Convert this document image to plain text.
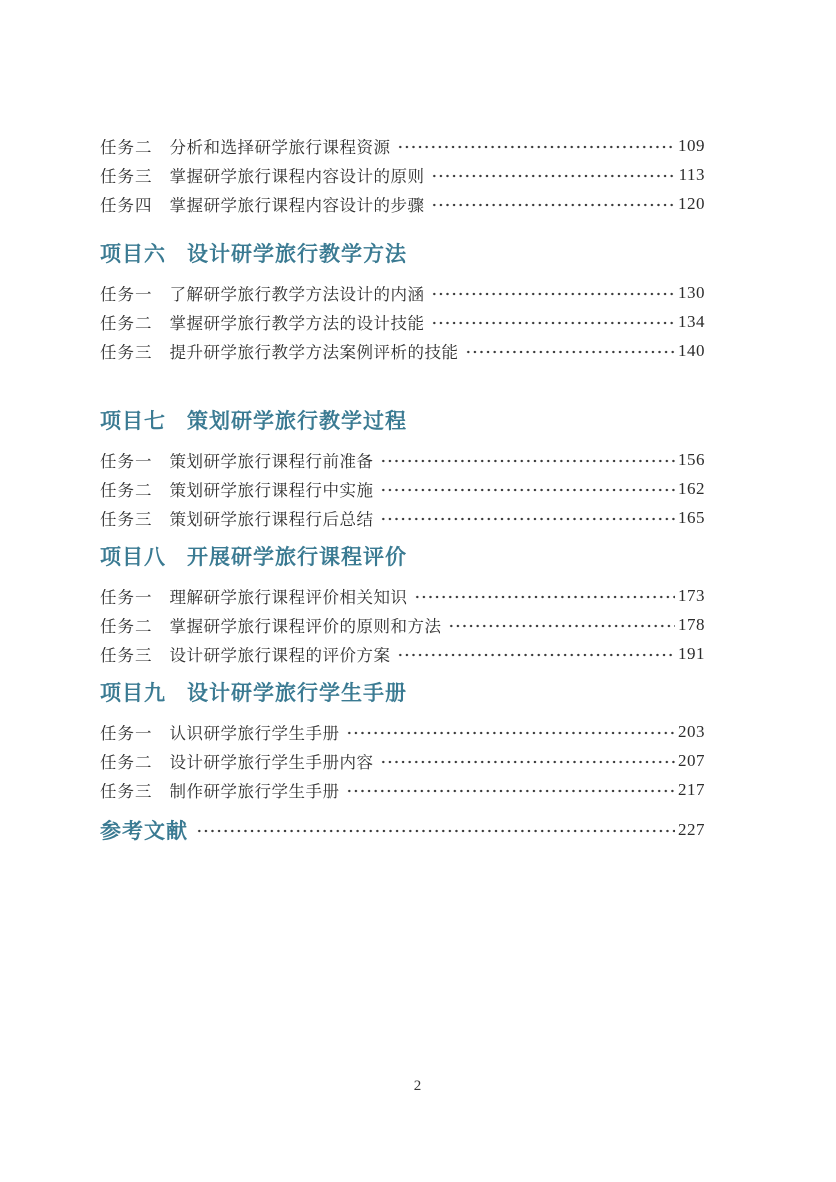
任务二 分析和选择研学旅行课程资源	109
任务三 掌握研学旅行课程内容设计的原则	113
任务四 掌握研学旅行课程内容设计的步骤	120
项目六 设计研学旅行教学方法
任务一 了解研学旅行教学方法设计的内涵	130
任务二 掌握研学旅行教学方法的设计技能	134
任务三 提升研学旅行教学方法案例评析的技能	140
项目七 策划研学旅行教学过程
任务一 策划研学旅行课程行前准备	156
任务二 策划研学旅行课程行中实施	162
任务三 策划研学旅行课程行后总结	165
项目八 开展研学旅行课程评价
任务一 理解研学旅行课程评价相关知识	173
任务二 掌握研学旅行课程评价的原则和方法	178
任务三 设计研学旅行课程的评价方案	191
项目九 设计研学旅行学生手册
任务一 认识研学旅行学生手册	203
任务二 设计研学旅行学生手册内容	207
任务三 制作研学旅行学生手册	217
参考文献	227
2
